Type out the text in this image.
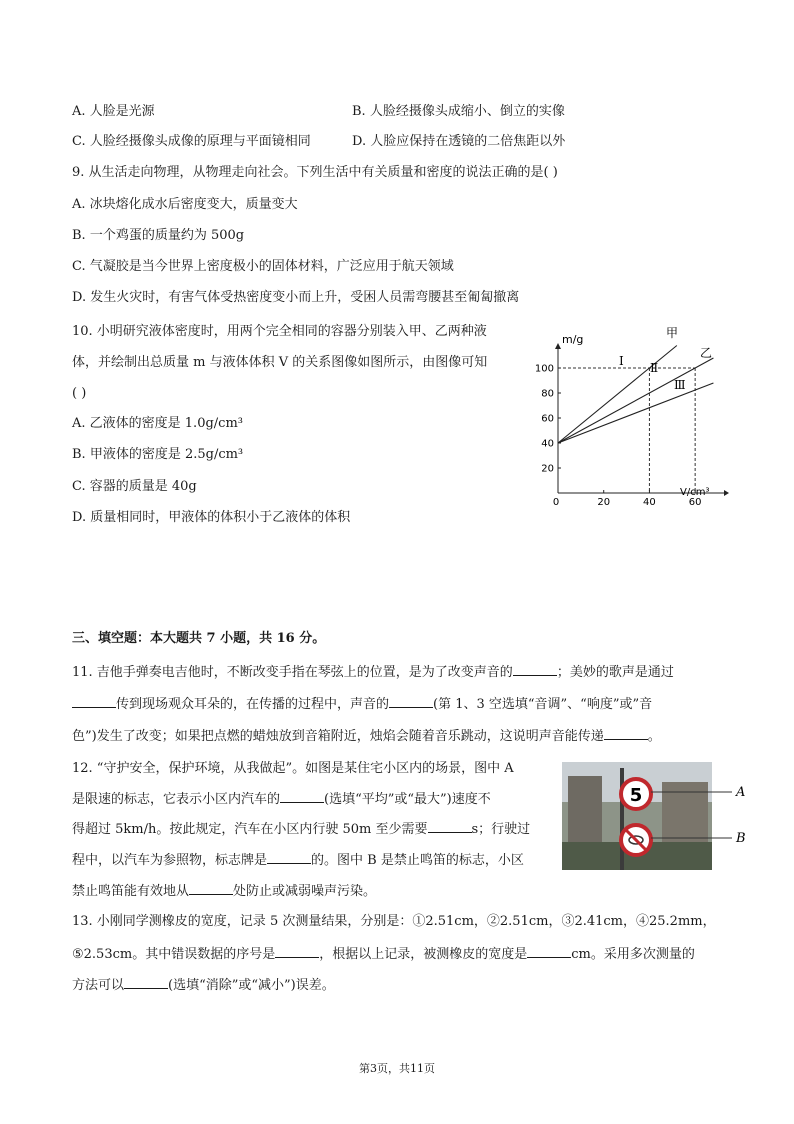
A. 人脸是光源	B. 人脸经摄像头成缩小、倒立的实像
C. 人脸经摄像头成像的原理与平面镜相同	D. 人脸应保持在透镜的二倍焦距以外
9. 从生活走向物理，从物理走向社会。下列生活中有关质量和密度的说法正确的是( )
A. 冰块熔化成水后密度变大，质量变大
B. 一个鸡蛋的质量约为 500g
C. 气凝胶是当今世界上密度极小的固体材料，广泛应用于航天领域
D. 发生火灾时，有害气体受热密度变小而上升，受困人员需弯腰甚至匍匐撤离
10. 小明研究液体密度时，用两个完全相同的容器分别装入甲、乙两种液
体，并绘制出总质量 m 与液体体积 V 的关系图像如图所示，由图像可知
( )
A. 乙液体的密度是 1.0g/cm³
B. 甲液体的密度是 2.5g/cm³
C. 容器的质量是 40g
D. 质量相同时，甲液体的体积小于乙液体的体积
0	20	40	60
20
40
60
80
100
m/g
V/cm³
甲
乙
Ⅰ Ⅱ
Ⅲ
三、填空题：本大题共 7 小题，共 16 分。
11. 吉他手弹奏电吉他时，不断改变手指在琴弦上的位置，是为了改变声音的	；美妙的歌声是通过
传到现场观众耳朵的，在传播的过程中，声音的	(第 1、3 空选填“音调”、“响度”或”音
色”)发生了改变；如果把点燃的蜡烛放到音箱附近，烛焰会随着音乐跳动，这说明声音能传递	。
12. “守护安全，保护环境，从我做起”。如图是某住宅小区内的场景，图中 A
是限速的标志，它表示小区内汽车的	(选填“平均”或“最大”)速度不
得超过 5km/h。按此规定，汽车在小区内行驶 50m 至少需要	s；行驶过
程中，以汽车为参照物，标志牌是	的。图中 B 是禁止鸣笛的标志，小区
禁止鸣笛能有效地从	处防止或减弱噪声污染。
5	A
B
13. 小刚同学测橡皮的宽度，记录 5 次测量结果，分别是：①2.51cm，②2.51cm，③2.41cm，④25.2mm，
⑤2.53cm。其中错误数据的序号是	，根据以上记录，被测橡皮的宽度是	cm。采用多次测量的
方法可以	(选填“消除”或“减小”)误差。
第3页，共11页
